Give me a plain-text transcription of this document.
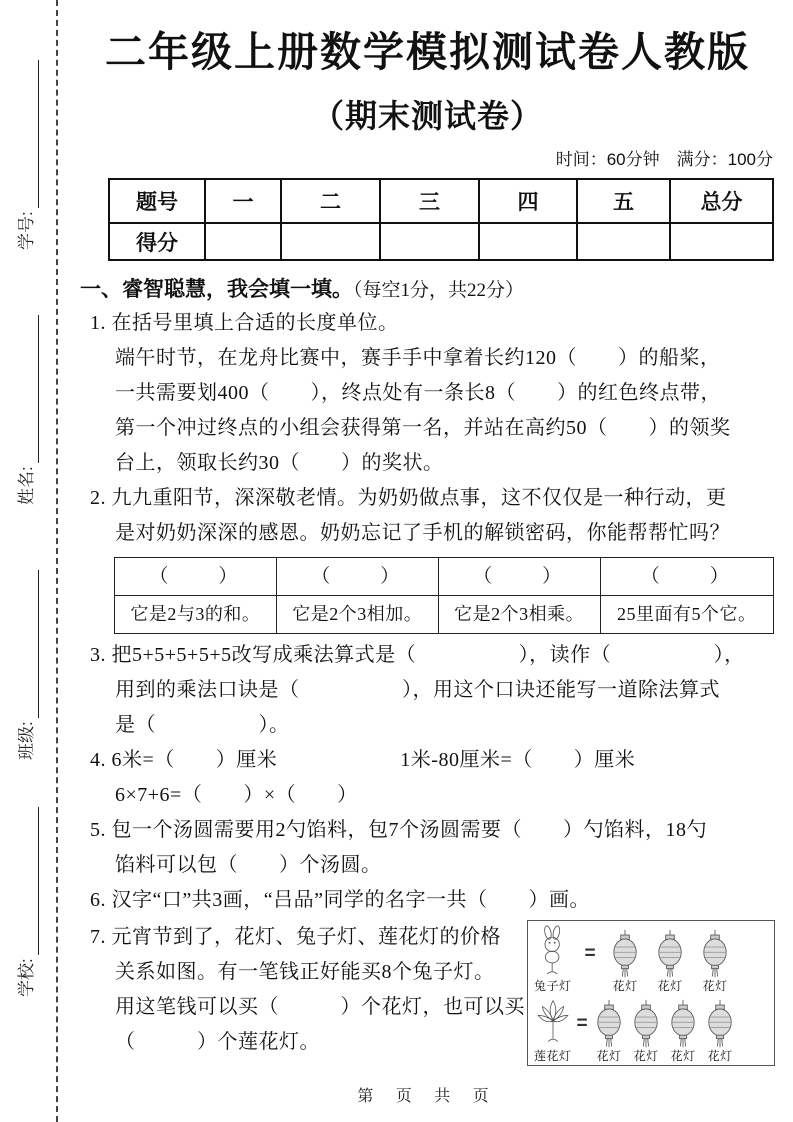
学号:
姓名:
班级:
学校:
二年级上册数学模拟测试卷人教版
（期末测试卷）
时间：60分钟　满分：100分
题号	一	二	三	四	五	总分
得分						
一、睿智聪慧，我会填一填。（每空1分，共22分）
1. 在括号里填上合适的长度单位。
端午时节，在龙舟比赛中，赛手手中拿着长约120（　　）的船桨，
一共需要划400（　　），终点处有一条长8（　　）的红色终点带，
第一个冲过终点的小组会获得第一名，并站在高约50（　　）的领奖
台上，领取长约30（　　）的奖状。
2. 九九重阳节，深深敬老情。为奶奶做点事，这不仅仅是一种行动，更
是对奶奶深深的感恩。奶奶忘记了手机的解锁密码，你能帮帮忙吗？
（　　）	（　　）	（　　）	（　　）
它是2与3的和。	它是2个3相加。	它是2个3相乘。	25里面有5个它。
3. 把5+5+5+5+5改写成乘法算式是（　　　　　），读作（　　　　　），
用到的乘法口诀是（　　　　　），用这个口诀还能写一道除法算式
是（　　　　　）。
4. 6米=（　　）厘米　　　　　　1米-80厘米=（　　）厘米
6×7+6=（　　）×（　　）
5. 包一个汤圆需要用2勺馅料，包7个汤圆需要（　　）勺馅料，18勺
馅料可以包（　　）个汤圆。
6. 汉字“口”共3画，“吕品”同学的名字一共（　　）画。
7. 元宵节到了，花灯、兔子灯、莲花灯的价格
关系如图。有一笔钱正好能买8个兔子灯。
用这笔钱可以买（　　　）个花灯，也可以买
（　　　）个莲花灯。
兔子灯
=
花灯 花灯 花灯
莲花灯
=
花灯 花灯 花灯 花灯
第 页 共 页
